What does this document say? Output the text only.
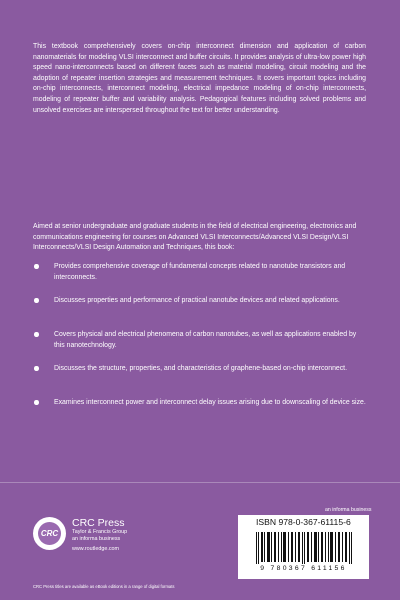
This textbook comprehensively covers on-chip interconnect dimension and application of carbon nanomaterials for modeling VLSI interconnect and buffer circuits. It provides analysis of ultra-low power high speed nano-interconnects based on different facets such as material modeling, circuit modeling and the adoption of repeater insertion strategies and measurement techniques. It covers important topics including on-chip interconnects, interconnect modeling, electrical impedance modeling of on-chip interconnects, modeling of repeater buffer and variability analysis. Pedagogical features including solved problems and unsolved exercises are interspersed throughout the text for better understanding.

Aimed at senior undergraduate and graduate students in the field of electrical engineering, electronics and communications engineering for courses on Advanced VLSI Interconnects/Advanced VLSI Design/VLSI Interconnects/VLSI Design Automation and Techniques, this book:

Provides comprehensive coverage of fundamental concepts related to nanotube transistors and interconnects.
Discusses properties and performance of practical nanotube devices and related applications.
Covers physical and electrical phenomena of carbon nanotubes, as well as applications enabled by this nanotechnology.
Discusses the structure, properties, and characteristics of graphene-based on-chip interconnect.
Examines interconnect power and interconnect delay issues arising due to downscaling of device size.
CRC
CRC Press
Taylor & Francis Group
an informa business
www.routledge.com
an informa business
ISBN 978-0-367-61115-6
9 780367 611156
CRC Press titles are available as eBook editions in a range of digital formats
